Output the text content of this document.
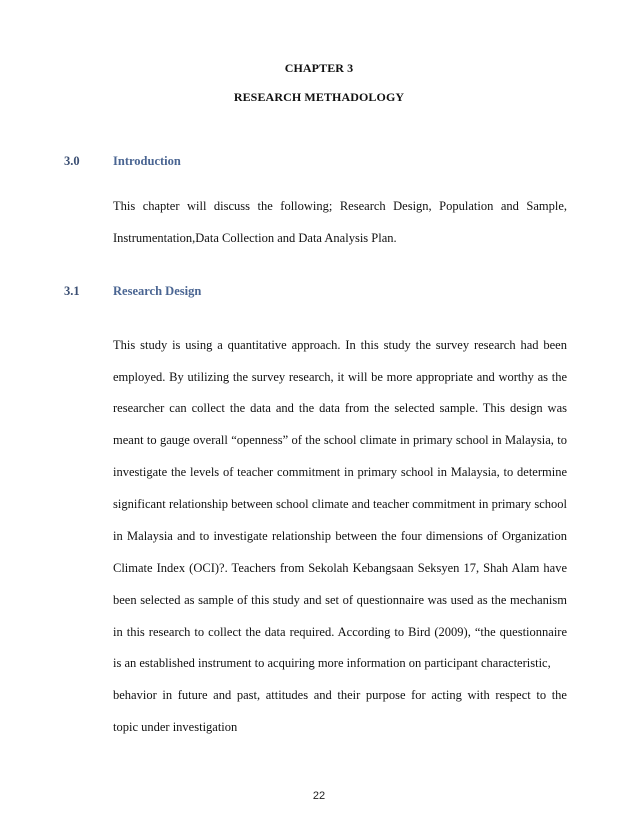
CHAPTER 3
RESEARCH METHADOLOGY
3.0	Introduction
This chapter will discuss the following; Research Design, Population and Sample,
Instrumentation,Data Collection and Data Analysis Plan.
3.1	Research Design
This study is using a quantitative approach. In this study the survey research had been
employed. By utilizing the survey research, it will be more appropriate and worthy as the
researcher can collect the data and the data from the selected sample. This design was
meant to gauge overall “openness” of the school climate in primary school in Malaysia, to
investigate the levels of teacher commitment in primary school in Malaysia, to determine
significant relationship between school climate and teacher commitment in primary school
in Malaysia and to investigate relationship between the four dimensions of Organization
Climate Index (OCI)?. Teachers from Sekolah Kebangsaan Seksyen 17, Shah Alam have
been selected as sample of this study and set of questionnaire was used as the mechanism
in this research to collect the data required. According to Bird (2009), “the questionnaire
is an established instrument to acquiring more information on participant characteristic,
behavior in future and past, attitudes and their purpose for acting with respect to the
topic under investigation
22
